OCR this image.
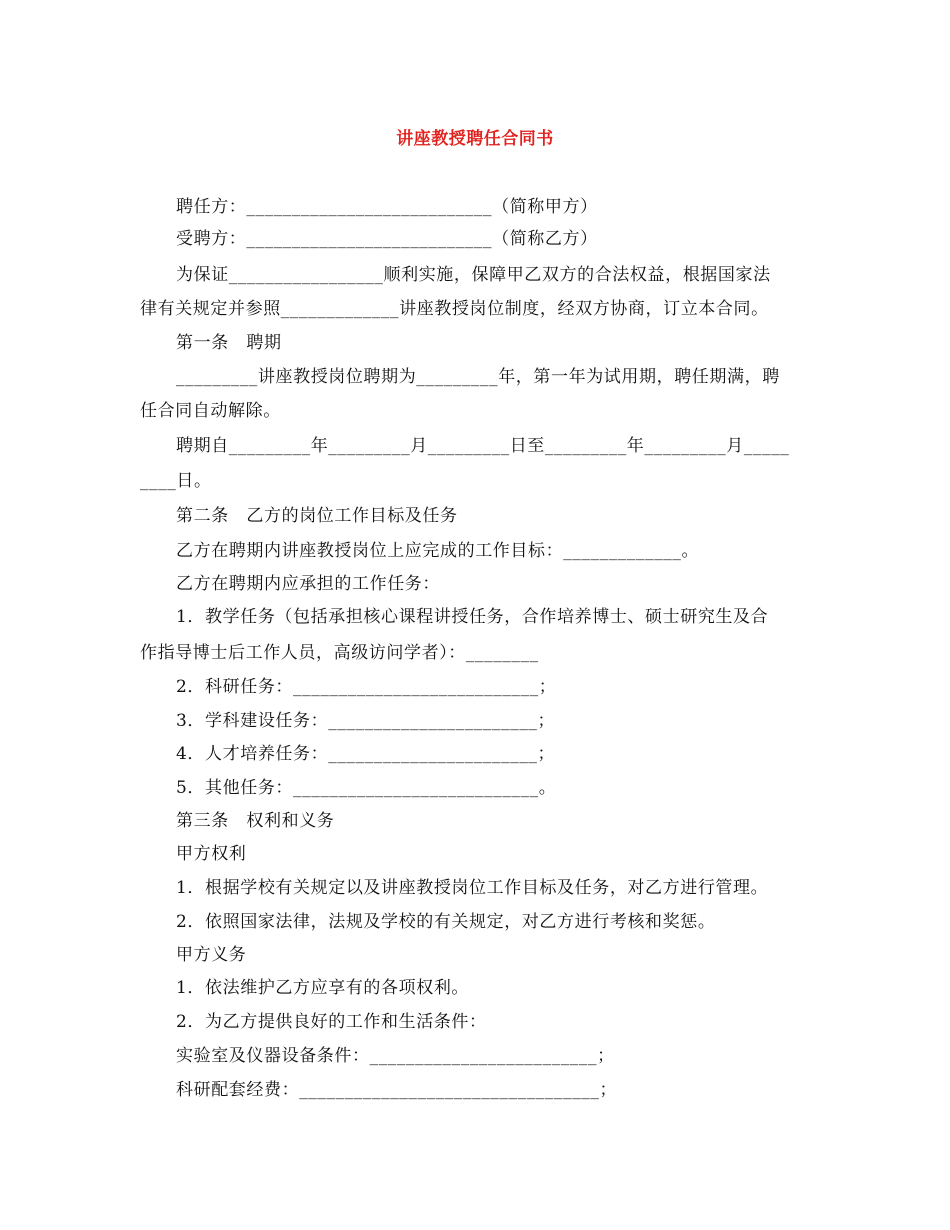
讲座教授聘任合同书
聘任方：___________________________（简称甲方）
受聘方：___________________________（简称乙方）
为保证_________________顺利实施，保障甲乙双方的合法权益，根据国家法
律有关规定并参照_____________讲座教授岗位制度，经双方协商，订立本合同。
第一条　聘期
_________讲座教授岗位聘期为_________年，第一年为试用期，聘任期满，聘
任合同自动解除。
聘期自_________年_________月_________日至_________年_________月_____
____日。
第二条　乙方的岗位工作目标及任务
乙方在聘期内讲座教授岗位上应完成的工作目标：_____________。
乙方在聘期内应承担的工作任务：
1．教学任务（包括承担核心课程讲授任务，合作培养博士、硕士研究生及合
作指导博士后工作人员，高级访问学者）：________
2．科研任务：___________________________；
3．学科建设任务：_______________________；
4．人才培养任务：_______________________；
5．其他任务：___________________________。
第三条　权利和义务
甲方权利
1．根据学校有关规定以及讲座教授岗位工作目标及任务，对乙方进行管理。
2．依照国家法律，法规及学校的有关规定，对乙方进行考核和奖惩。
甲方义务
1．依法维护乙方应享有的各项权利。
2．为乙方提供良好的工作和生活条件：
实验室及仪器设备条件：_________________________；
科研配套经费：_________________________________；
